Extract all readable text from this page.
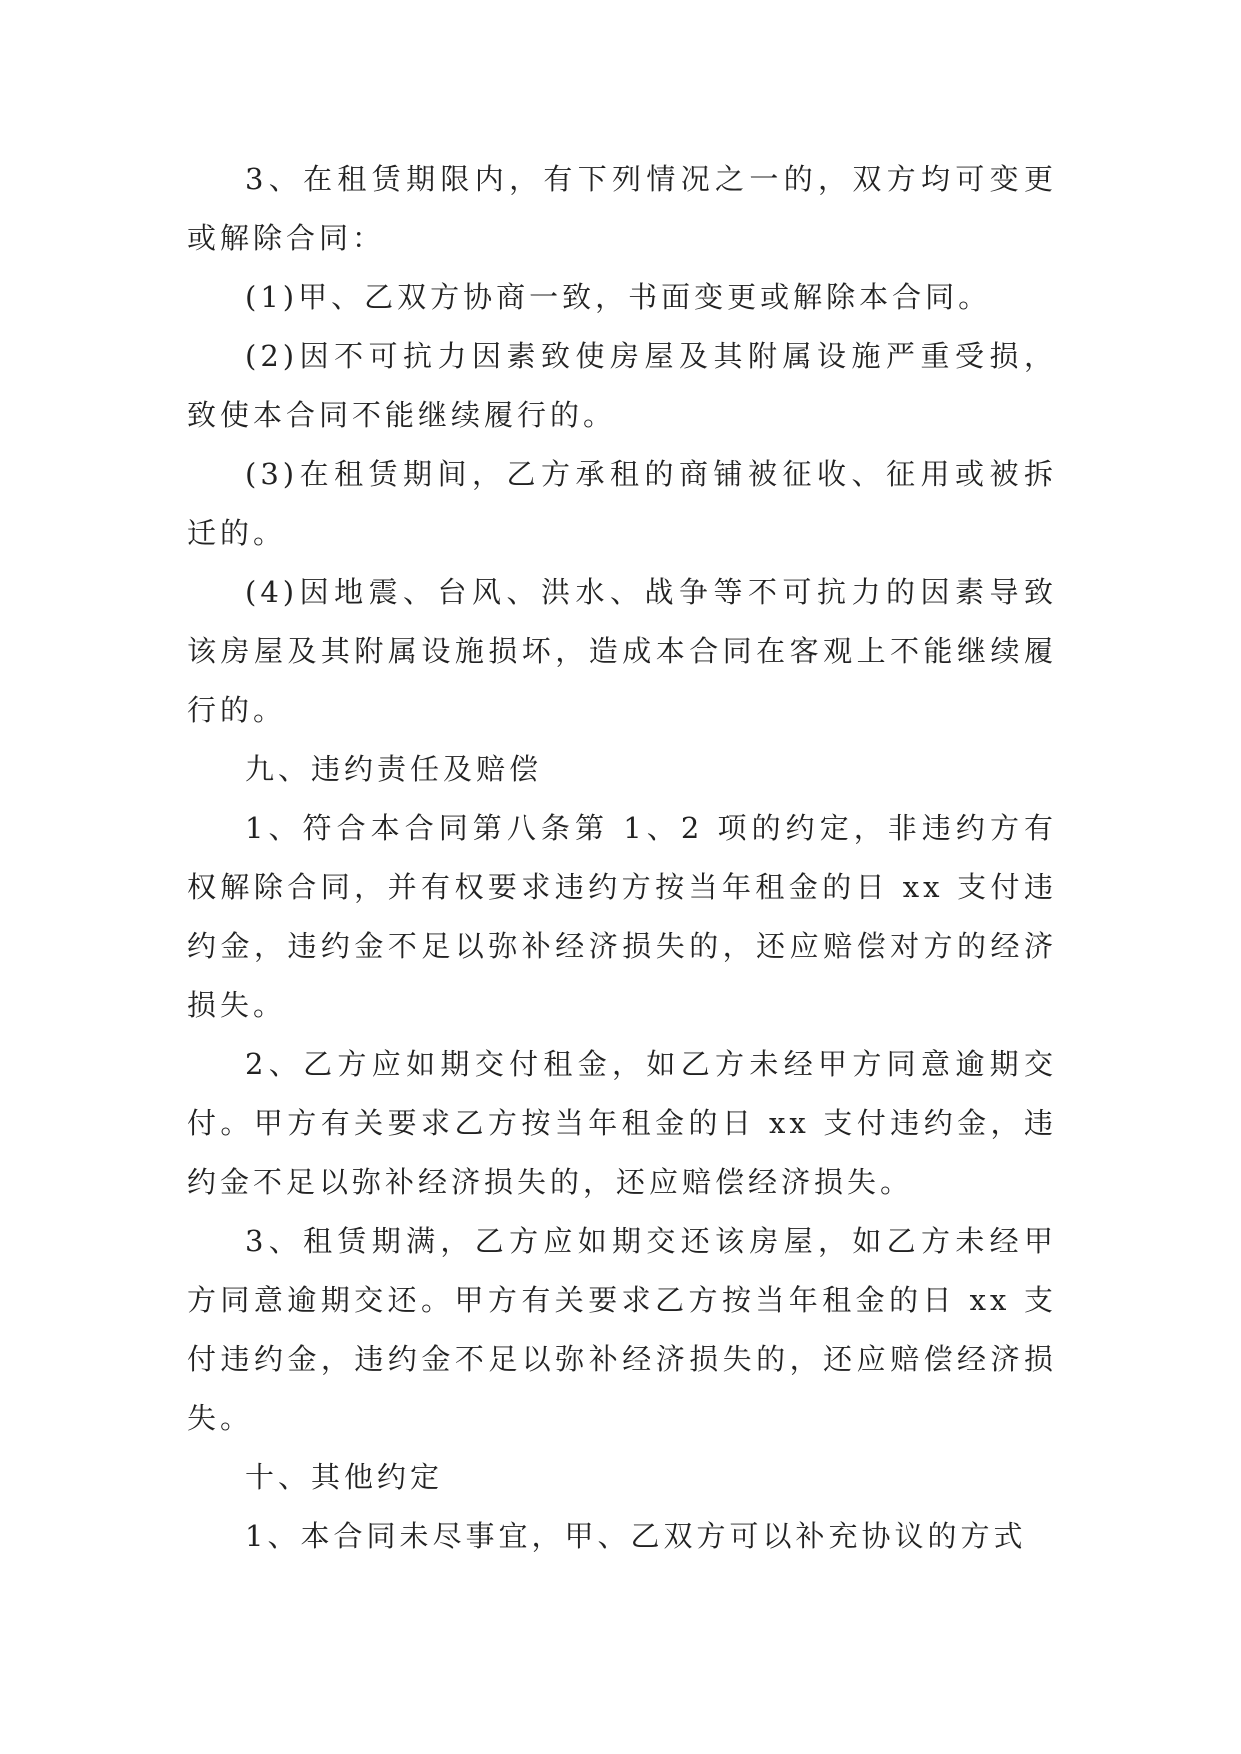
3、在租赁期限内，有下列情况之一的，双方均可变更或解除合同：

(1)甲、乙双方协商一致，书面变更或解除本合同。

(2)因不可抗力因素致使房屋及其附属设施严重受损，致使本合同不能继续履行的。

(3)在租赁期间，乙方承租的商铺被征收、征用或被拆迁的。

(4)因地震、台风、洪水、战争等不可抗力的因素导致该房屋及其附属设施损坏，造成本合同在客观上不能继续履行的。

九、违约责任及赔偿

1、符合本合同第八条第 1、2 项的约定，非违约方有权解除合同，并有权要求违约方按当年租金的日 xx 支付违约金，违约金不足以弥补经济损失的，还应赔偿对方的经济损失。

2、乙方应如期交付租金，如乙方未经甲方同意逾期交付。甲方有关要求乙方按当年租金的日 xx 支付违约金，违约金不足以弥补经济损失的，还应赔偿经济损失。

3、租赁期满，乙方应如期交还该房屋，如乙方未经甲方同意逾期交还。甲方有关要求乙方按当年租金的日 xx 支付违约金，违约金不足以弥补经济损失的，还应赔偿经济损失。

十、其他约定

1、本合同未尽事宜，甲、乙双方可以补充协议的方式
